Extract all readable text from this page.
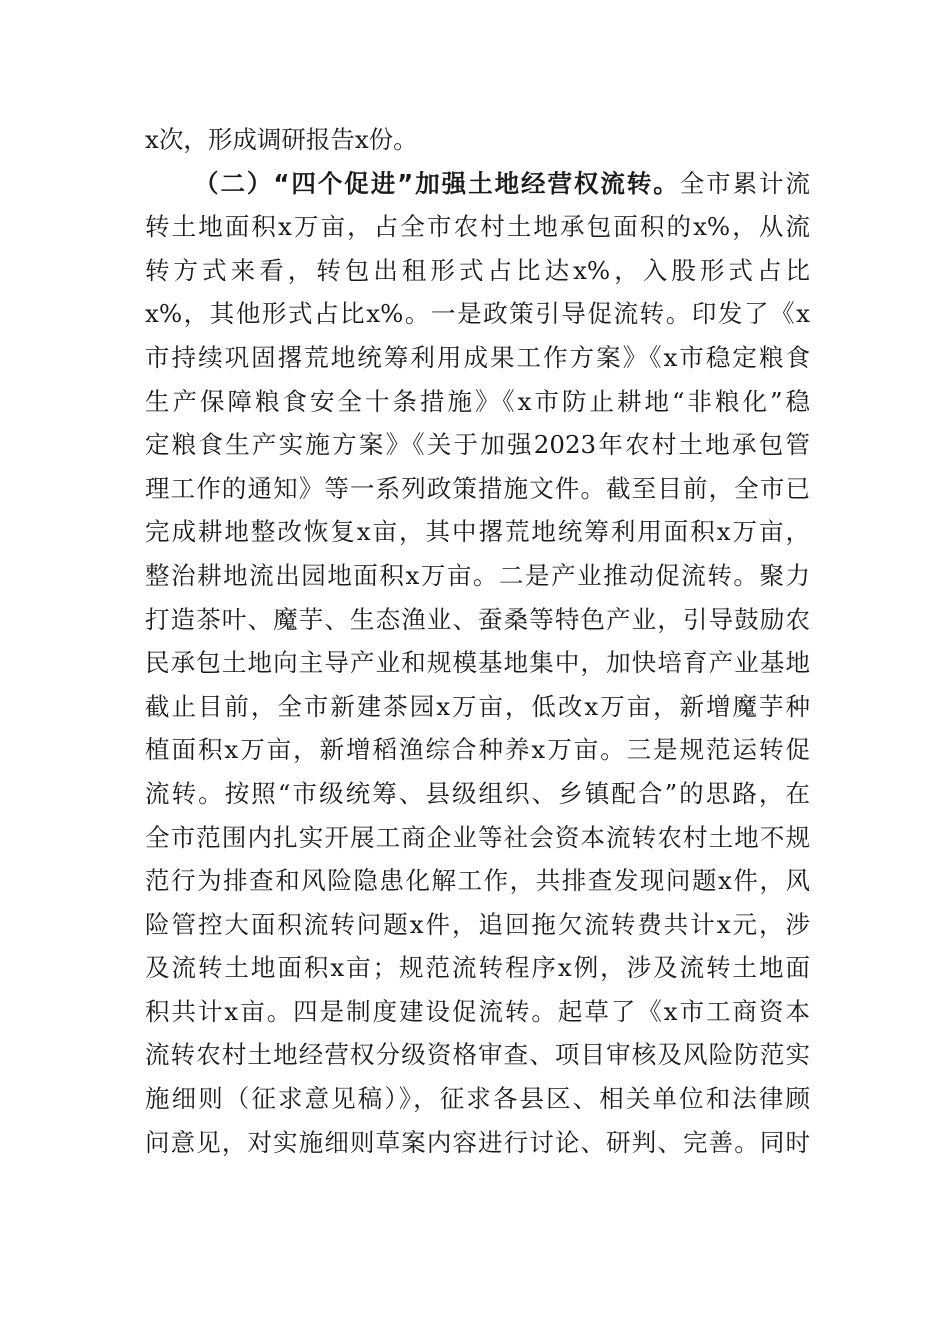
x次，形成调研报告x份。
（二）“四个促进”加强土地经营权流转。全市累计流
转土地面积x万亩，占全市农村土地承包面积的x%，从流
转方式来看，转包出租形式占比达x%，入股形式占比
x%，其他形式占比x%。一是政策引导促流转。印发了《x
市持续巩固撂荒地统筹利用成果工作方案》《x市稳定粮食
生产保障粮食安全十条措施》《x市防止耕地“非粮化”稳
定粮食生产实施方案》《关于加强2023年农村土地承包管
理工作的通知》等一系列政策措施文件。截至目前，全市已
完成耕地整改恢复x亩，其中撂荒地统筹利用面积x万亩，
整治耕地流出园地面积x万亩。二是产业推动促流转。聚力
打造茶叶、魔芋、生态渔业、蚕桑等特色产业，引导鼓励农
民承包土地向主导产业和规模基地集中，加快培育产业基地
截止目前，全市新建茶园x万亩，低改x万亩，新增魔芋种
植面积x万亩，新增稻渔综合种养x万亩。三是规范运转促
流转。按照“市级统筹、县级组织、乡镇配合”的思路，在
全市范围内扎实开展工商企业等社会资本流转农村土地不规
范行为排查和风险隐患化解工作，共排查发现问题x件，风
险管控大面积流转问题x件，追回拖欠流转费共计x元，涉
及流转土地面积x亩；规范流转程序x例，涉及流转土地面
积共计x亩。四是制度建设促流转。起草了《x市工商资本
流转农村土地经营权分级资格审查、项目审核及风险防范实
施细则（征求意见稿）》，征求各县区、相关单位和法律顾
问意见，对实施细则草案内容进行讨论、研判、完善。同时
